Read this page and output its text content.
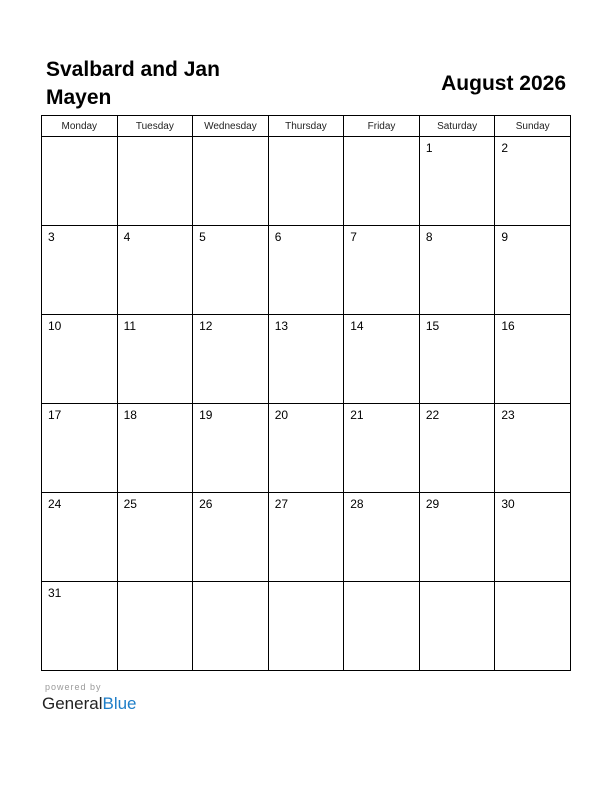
Svalbard and Jan Mayen
August 2026
Monday	Tuesday	Wednesday	Thursday	Friday	Saturday	Sunday

					1	2

3	4	5	6	7	8	9

10	11	12	13	14	15	16

17	18	19	20	21	22	23

24	25	26	27	28	29	30

31						

powered by
GeneralBlue
